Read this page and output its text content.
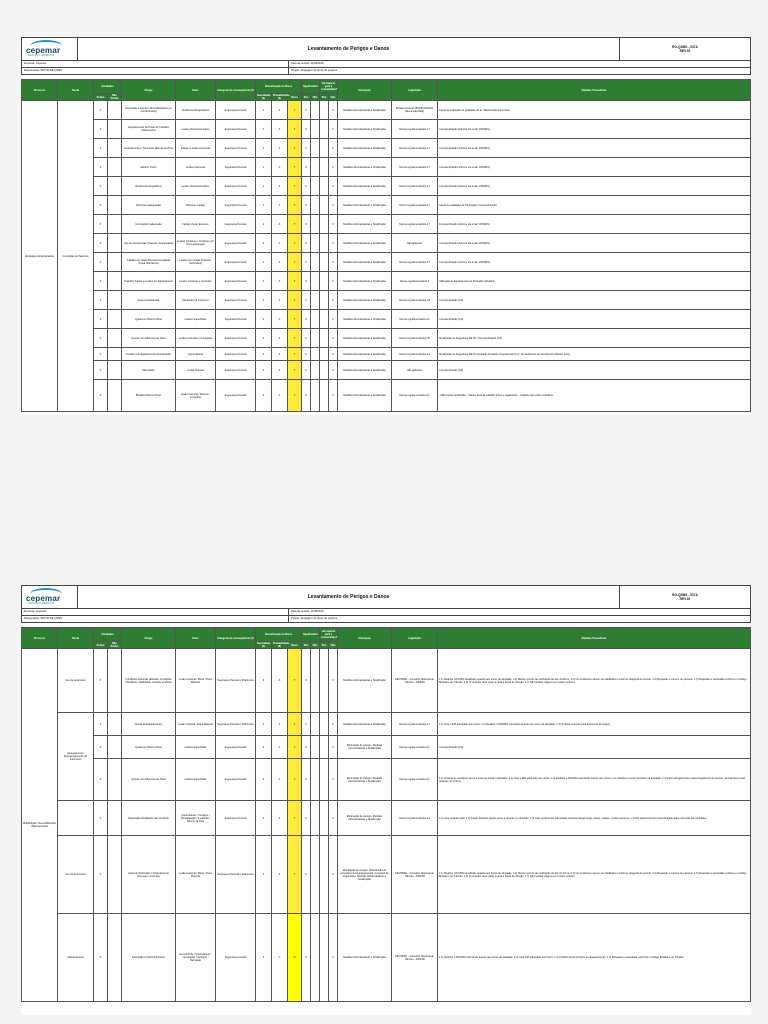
cepemar
SERVIÇOS AMBIENTAIS
Levantamento de Perigos e Danos	RG-QSMS - 037A
REV.02
Empresa: Cepemar	Data da revisão: 21/08/2019
Responsável: SETOR DE QSMS	Projeto: Dragagem do berço de projetos
Processo	Tarefa	Atividades		Perigo	Dano	Categoria de consequência (1)	Classificação do Risco			Significativo		Há impacto para a comunidade?		Hierarquia	Legislação	Medidas Preventivas
		Rotina	Não Rotina				Severidade (2)	Probabilidade (3)	Risco	Sim	Não	Sim	Não			
Atividades Administrativas	Condução de Palestras	X		Exposição a Agentes Micro-Biológicos (ar Condicionado)	Problemas Respiratórios	Segurança Pessoal	1	A	T	X			X	Medidas Administrativas e Sinalização	Portaria Federal 3523/98 ANVISA (Resolução RE9)	Laudo de avaliação de qualidade do ar. Manutenção preventiva.
		X		Equipamentos de Posto de Trabalho Inadequados	Lesões Osteomusculares	Segurança Pessoal	1	A	T	X			X	Medidas Administrativas e Sinalização	Norma regulamentadora 17	Conscientização (informe via email, DDS/MS).
		X		Levantamento e Transporte Manual de Peso	Fadiga / Lesões Corporais	Segurança Pessoal	1	A	T	X			X	Medidas Administrativas e Sinalização	Norma regulamentadora 17	Conscientização (informe via email, DDS/MS).
		X		Esforço Físico	Lesões Corporais	Segurança Pessoal	1	A	T	X			X	Medidas Administrativas e Sinalização	Norma regulamentadora 17	Conscientização (informe via email, DDS/MS).
		X		Movimentos Repetitivos	Lesões Osteomusculares	Segurança Pessoal	1	A	T	X			X	Medidas Administrativas e Sinalização	Norma regulamentadora 17	Conscientização (informe via email, DDS/MS).
		X		Posturas Inadequadas	Estresse, Fadiga	Segurança Pessoal	1	A	T	X			X	Medidas Administrativas e Sinalização	Norma regulamentadora 17	Laudo de avaliação de iluminação, Conscientização.
		X		Iluminação Inadequada	Fadiga Visual, Estresse	Segurança Pessoal	1	A	T	X			X	Medidas Administrativas e Sinalização	Norma regulamentadora 17	Conscientização (informe via email, DDS/MS).
		X		Uso de Ferramentas (Tesoura, Grampeador)	Lesões Cortosas e Cortantes por Uso Inadequado	Segurança Pessoal	2	A	T	X			X	Medidas Administrativas e Sinalização	Não aplicável	Conscientização (informe via email, DDS/MS).
		X		Trabalho em Superfícies Escorregadias (Copa, Banheiros)	Lesões por Queda (Fraturas, Contusões)	Segurança Pessoal	1	A	T	X			X	Medidas Administrativas e Sinalização	Norma regulamentadora 17	Conscientização (informe via email, DDS/MS).
		X		Trabalho Sujeito a Lesões por Equipamento	Lesões Cortosas e Cortantes	Segurança Pessoal	2	A	T	X			X	Medidas Administrativas e Sinalização	Norma regulamentadora 6	Utilização de Equipamento de Proteção Individual.
		X		Água Contaminada	Mal Estar por Consumo	Segurança Pessoal	2	A	T	X			X	Medidas Administrativas e Sinalização	Norma regulamentadora 24	Conscientização (CA).
		X		Queda em Mesmo Nível	Lesões Superficiais	Segurança Pessoal	2	A	T	X			X	Medidas Administrativas e Sinalização	Norma regulamentadora 11	Conscientização (CA).
		X		Queda com Diferença de Nível	Lesões Cortosas e Contusões	Segurança Pessoal	2	A	T	X			X	Medidas Administrativas e Sinalização	Norma regulamentadora 35	Sinalização de Segurança NR 35 / Conscientização (CA).
		X		Contato com Equipamentos Energizados	Queimaduras	Segurança Pessoal	2	A	T	X			X	Medidas Administrativas e Sinalização	Norma regulamentadora 10	Sinalização de Segurança NR 10 (Avaliado da Saúde Ocupacional (CA) / Procedimento de Atendimento Médico (CA)).
		X		Mal Súbito	Lesão Pessoal	Segurança Pessoal	2	A	T	X			X	Medidas Administrativas e Sinalização	Não aplicável	Conscientização (CA).
		X		Bioatleta Mesmo Nível	Lesão Corporal / Entorse / Luxações	Segurança Pessoal	2	A	T	X			X	Medidas Administrativas e Sinalização	Norma regulamentadora 11	- Mão interior sinalizada; - Manter local de trabalho limpo e organizado; - Cuidado com pisos molhados.
cepemar
SERVIÇOS AMBIENTAIS
Levantamento de Perigos e Danos	RG-QSMS - 037A
REV.02
Empresa: Cepemar	Data da revisão: 21/08/2019
Responsável: SETOR DE QSMS	Projeto: Dragagem do berço de projetos
Processo	Tarefa	Atividades		Perigo	Dano	Categoria de consequência (1)	Classificação do Risco			Significativo		Há impacto para a comunidade?		Hierarquia	Legislação	Medidas Preventivas
		Rotina	Não Rotina				Severidade (2)	Probabilidade (3)	Risco	Sim	Não	Sim	Não			
Mobilização / Desmobilização / Barcos/navios	Uso de Automóvel	X		Condições Adversas (Estrada, Condições Climáticas, Visibilidade, Animais na Pista)	Lesão Corporal / Morte / Dano Material	Segurança Pessoal e Patrimonio	3	A	T	X			X	Medidas Administrativas e Sinalização	CENTRAN - Conselho Nacional de Trânsito - 2006/08	1.1) Realizar LOGISIM atualizado quando aos riscos de atividade. 1.2) Manter veículo de verificação do dia conforme. 1.3) Os condutores devem ser habilitados conforme categoria do veículo. 1.4) Respeitar o número de pessoas. 1.5) Respeitar a velocidade conforme o Código Brasileiro de Trânsito. 1.6) O condutor deve parar a cada 2 horas de direção. 1.7) Não realizar viagens em horário noturno.
	Carregamento / Descarregamento de automóvel	X		Queda de Equipamentos	Lesão Corporal / Dano Material	Segurança Pessoal e Patrimonio	2	A	T	X			X	Medidas Administrativas e Sinalização	Norma regulamentadora 17	1.1) Usar o EPI adequado aos riscos. 1.2) Realizar o DDS/MS orientando quanto aos riscos da atividade. 1.3) Ordenar pessoas para transporte de cargas.
		X		Queda em Mesmo Nível	Lesões Superficiais	Segurança Pessoal	2	A	T	X			X	Eliminação de perigos. Medidas Administrativas e Sinalização	Norma regulamentadora 11	Conscientização (CA).
		X		Queda com Diferença de Nível	Lesões Superficiais	Segurança Pessoal	2	A	T	X			X	Eliminação de perigos. Medidas Administrativas e Sinalização	Norma regulamentadora 11	1.1) Verificar as condições do piso antes de iniciar a atividade. 1.2) Usar o EPI adequado aos riscos. 1.3) Realizar o DDS/MS orientando quanto aos riscos e os cuidados a serem tomados na atividade. 1.4) Para carregamento e descarregamento do veículo, deverá haver duas pessoas no mínimo.
		X		Exposição à Radiação não Ionizante	Queimaduras / Vertigem / Desidratação / Insolação / Câncer de Pele	Segurança Pessoal	2	A	T	X			X	Eliminação de perigos. Medidas Administrativas e Sinalização	Norma regulamentadora 21	1.1) Usar protetor solar. 1.2) Ingerir bastante líquido antes e durante a exposição. 1.3) Usar vestimentas adequadas (camisa manga longa, calças, chapéu, óculos escuros). 1.4) Dar preferência por local abrigado para execução das atividades.
	Uso de Automóvel	X		Acidente Rodoviário / Atropelamento (Pessoas e Animais)	Lesão Corporal / Morte / Dano Material	Segurança Pessoal e Patrimonio	3	A	T	X			X	Eliminação de perigos. Substituição de procedimentos/equipamentos. Controles de engenharia. Medidas Administrativas e Sinalização	CENTRAN - Conselho Nacional de Trânsito - 2006/08	1.1) Realizar LOGISIM atualizado quando aos riscos de atividade. 1.2) Manter veículo de verificação do dia conforme. 1.3) Os condutores devem ser habilitados conforme categoria do veículo. 1.4) Respeitar o número de pessoas. 1.5) Respeitar a velocidade conforme o Código Brasileiro de Trânsito. 1.6) O condutor deve parar a cada 2 horas de direção. 1.7) Não realizar viagens em horário noturno.
	Abastecimento	X		Exposição a Hidrocarbonetos	Desconforto / Queimaduras / Intoxicação / Vertigem / Dermatite	Segurança pessoal	3	C	M	X			X	Medidas Administrativas e Sinalização	CENTRAN - Conselho Nacional de Trânsito - 2006/08	1.1) Realizar o DDS/MS orientando quanto aos riscos da atividade. 1.2) Usar EPI adequado aos riscos. 1.3) Proibido fumar próximo ao abastecimento. 1.4) Respeitar a velocidade conforme o Código Brasileiro de Trânsito.
